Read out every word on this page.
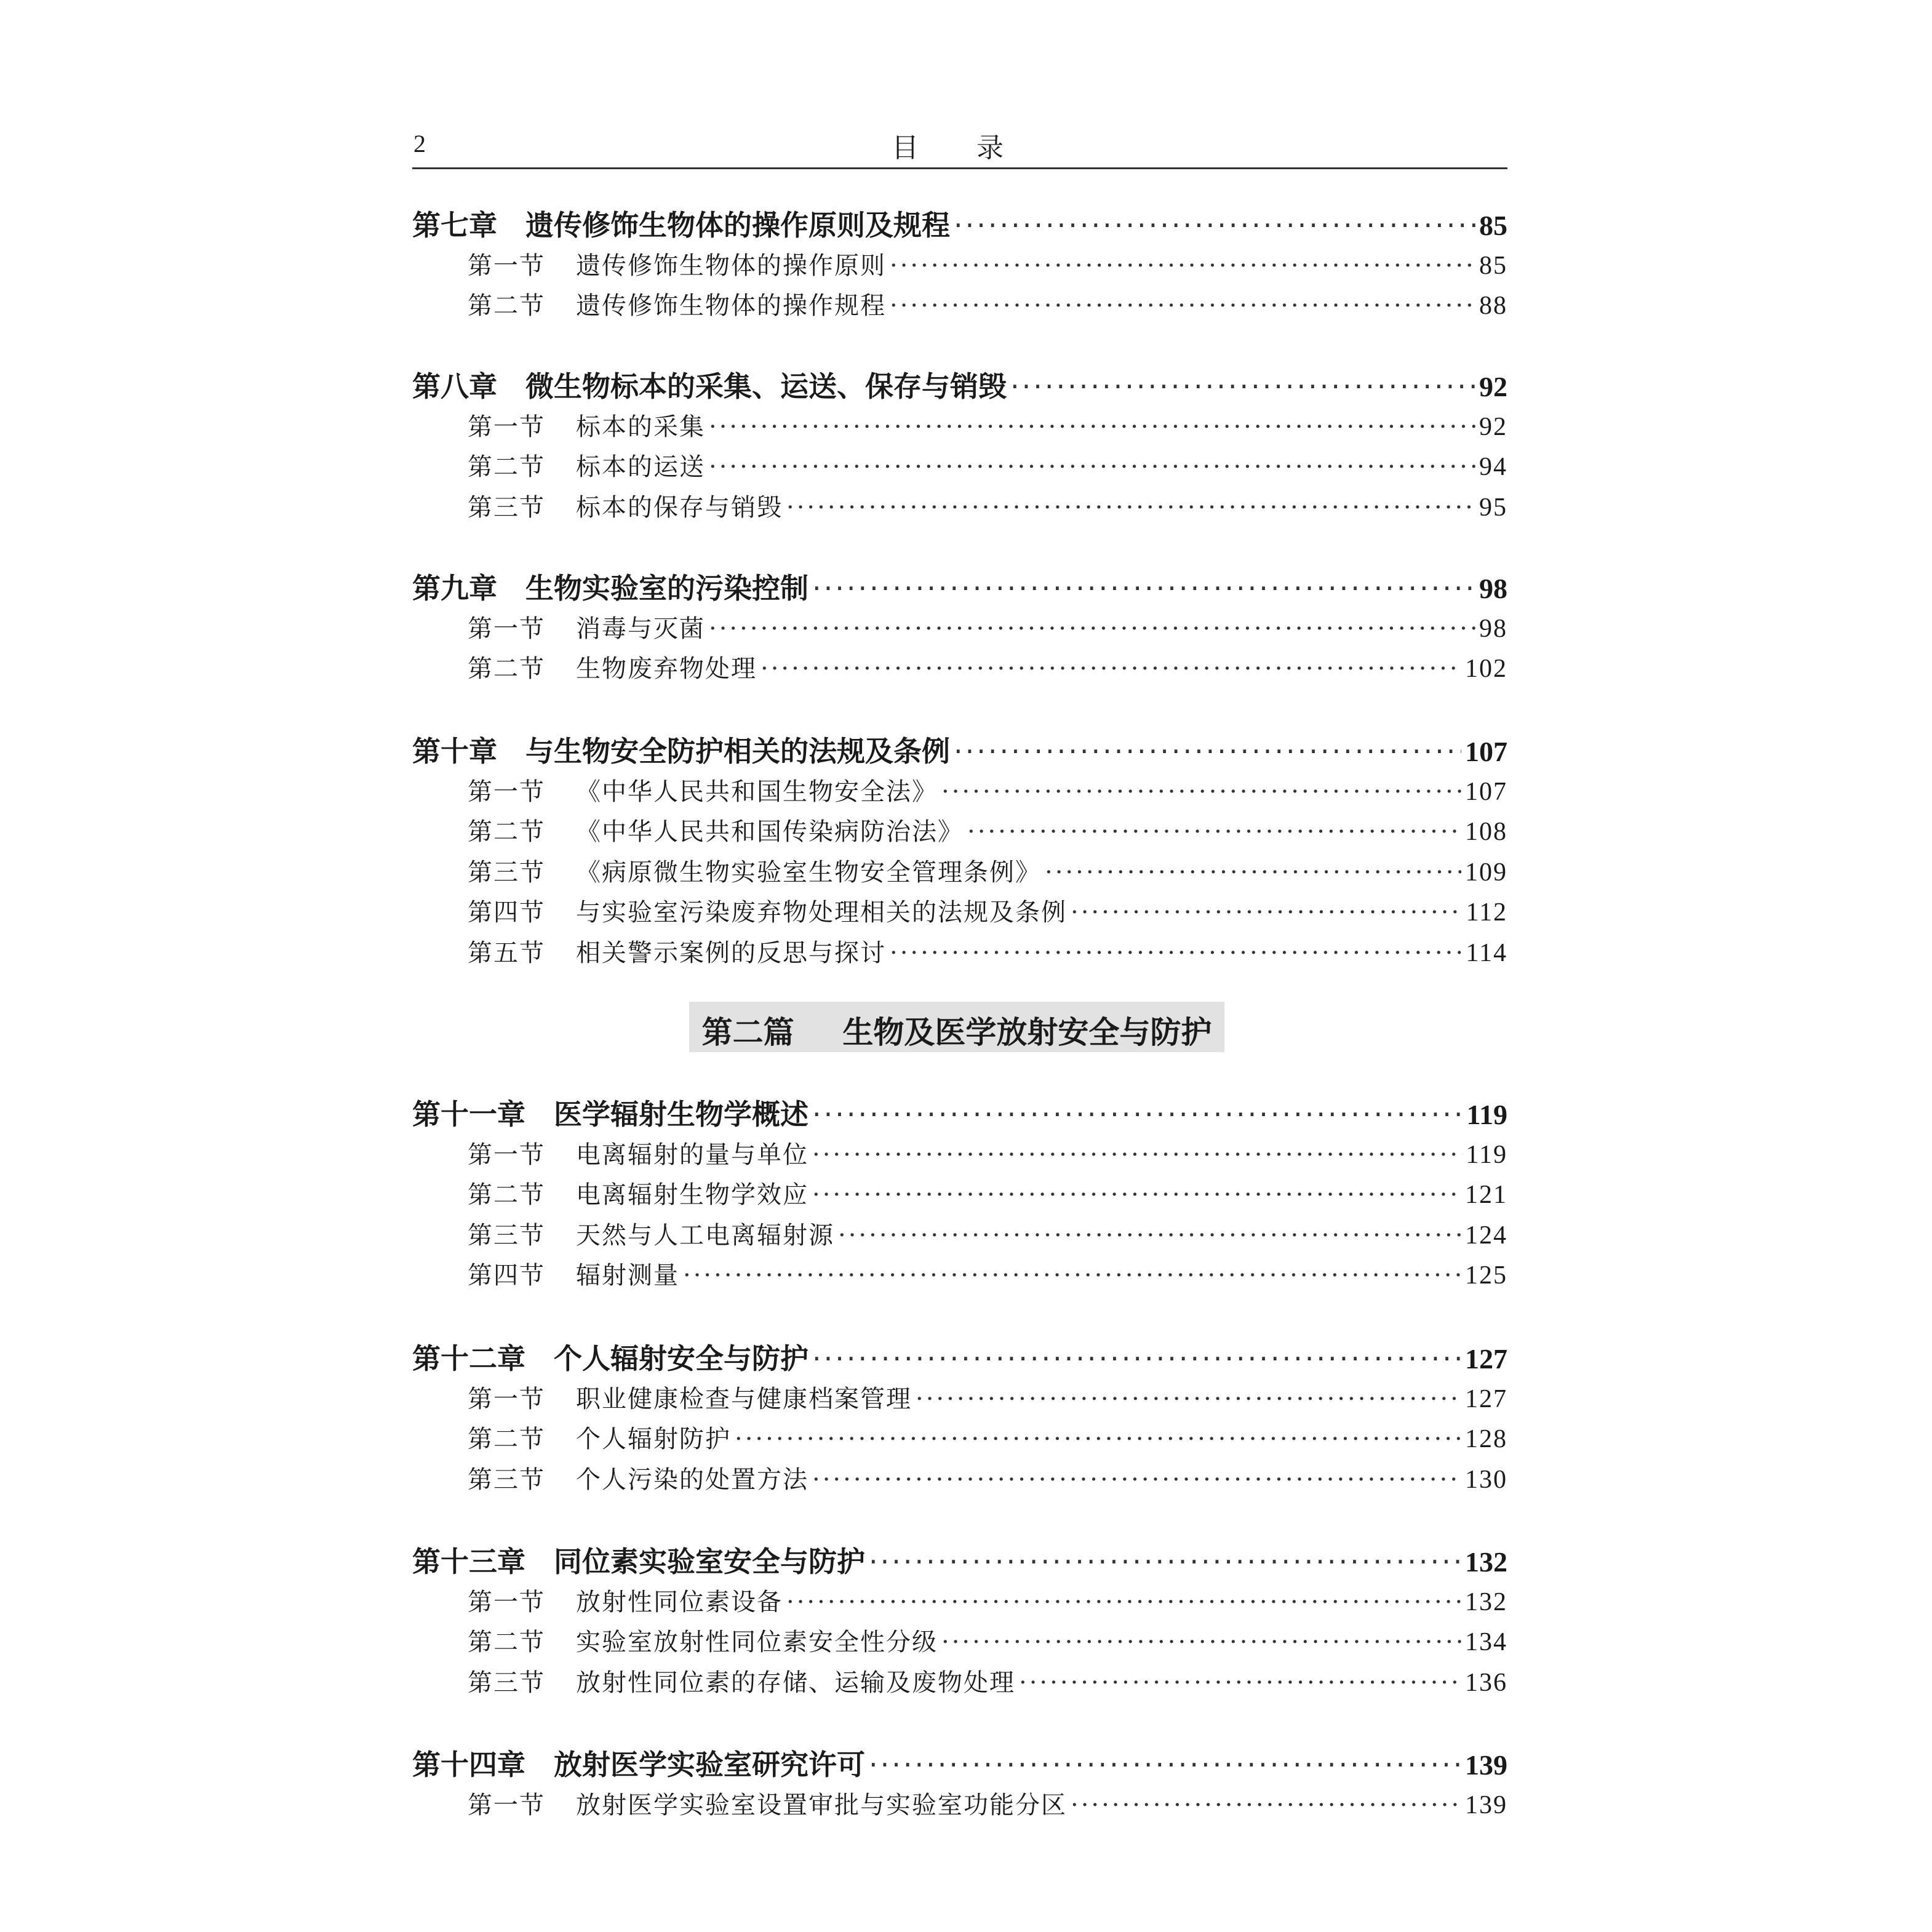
2	目 录
第七章 遗传修饰生物体的操作原则及规程 ·····	85
第一节 遗传修饰生物体的操作原则 ·····	85
第二节 遗传修饰生物体的操作规程 ·····	88
第八章 微生物标本的采集、运送、保存与销毁 ·····	92
第一节 标本的采集 ·····	92
第二节 标本的运送 ·····	94
第三节 标本的保存与销毁 ·····	95
第九章 生物实验室的污染控制 ·····	98
第一节 消毒与灭菌 ·····	98
第二节 生物废弃物处理 ·····	102
第十章 与生物安全防护相关的法规及条例 ·····	107
第一节 《中华人民共和国生物安全法》 ·····	107
第二节 《中华人民共和国传染病防治法》 ·····	108
第三节 《病原微生物实验室生物安全管理条例》 ·····	109
第四节 与实验室污染废弃物处理相关的法规及条例 ·····	112
第五节 相关警示案例的反思与探讨 ·····	114
第十一章 医学辐射生物学概述 ·····	119
第一节 电离辐射的量与单位 ·····	119
第二节 电离辐射生物学效应 ·····	121
第三节 天然与人工电离辐射源 ·····	124
第四节 辐射测量 ·····	125
第十二章 个人辐射安全与防护 ·····	127
第一节 职业健康检查与健康档案管理 ·····	127
第二节 个人辐射防护 ·····	128
第三节 个人污染的处置方法 ·····	130
第十三章 同位素实验室安全与防护 ·····	132
第一节 放射性同位素设备 ·····	132
第二节 实验室放射性同位素安全性分级 ·····	134
第三节 放射性同位素的存储、运输及废物处理 ·····	136
第十四章 放射医学实验室研究许可 ·····	139
第一节 放射医学实验室设置审批与实验室功能分区 ·····	139
第二篇 生物及医学放射安全与防护
